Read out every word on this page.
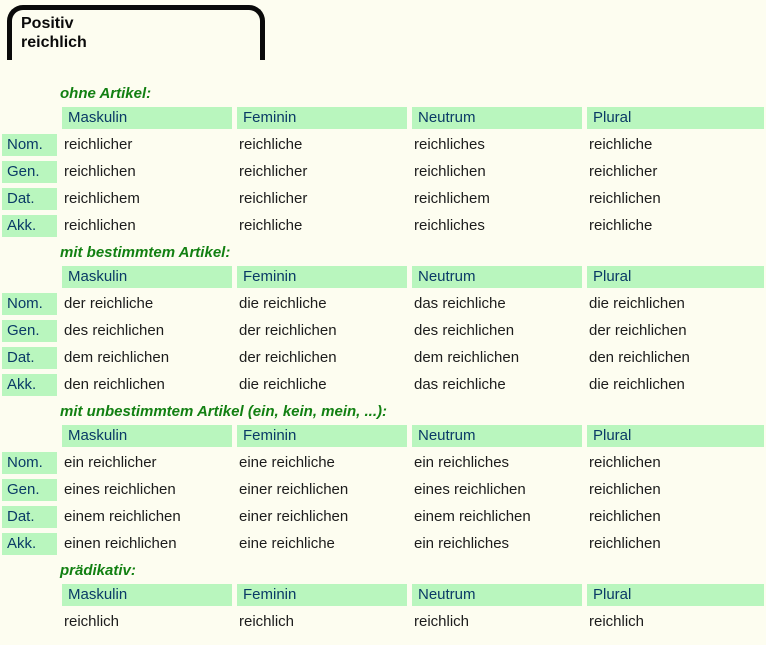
Positiv
reichlich
ohne Artikel:
Maskulin	Feminin	Neutrum	Plural
Nom.	reichlicher	reichliche	reichliches	reichliche
Gen.	reichlichen	reichlicher	reichlichen	reichlicher
Dat.	reichlichem	reichlicher	reichlichem	reichlichen
Akk.	reichlichen	reichliche	reichliches	reichliche
mit bestimmtem Artikel:
Maskulin	Feminin	Neutrum	Plural
Nom.	der reichliche	die reichliche	das reichliche	die reichlichen
Gen.	des reichlichen	der reichlichen	des reichlichen	der reichlichen
Dat.	dem reichlichen	der reichlichen	dem reichlichen	den reichlichen
Akk.	den reichlichen	die reichliche	das reichliche	die reichlichen
mit unbestimmtem Artikel (ein, kein, mein, ...):
Maskulin	Feminin	Neutrum	Plural
Nom.	ein reichlicher	eine reichliche	ein reichliches	reichlichen
Gen.	eines reichlichen	einer reichlichen	eines reichlichen	reichlichen
Dat.	einem reichlichen	einer reichlichen	einem reichlichen	reichlichen
Akk.	einen reichlichen	eine reichliche	ein reichliches	reichlichen
prädikativ:
Maskulin	Feminin	Neutrum	Plural
reichlich	reichlich	reichlich	reichlich
